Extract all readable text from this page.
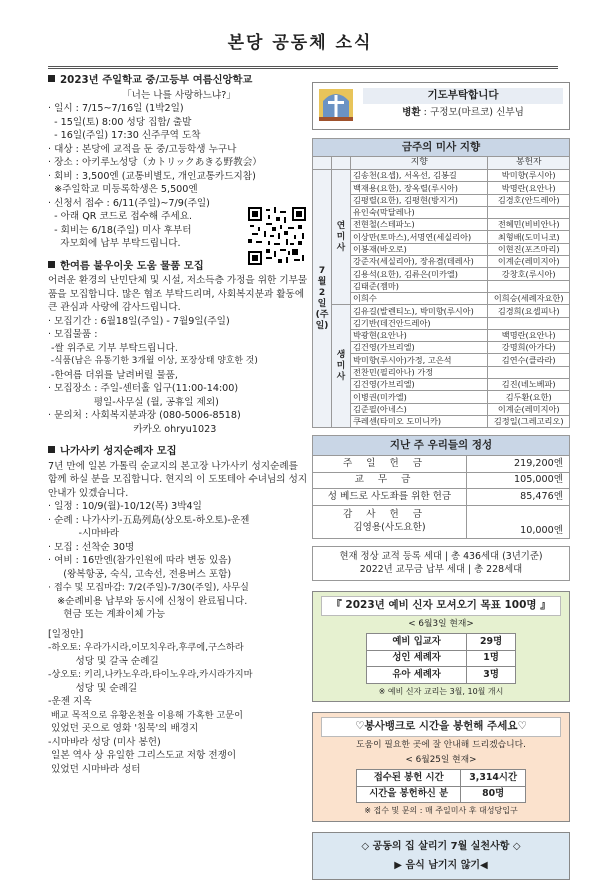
본당 공동체 소식
2023년 주일학교 중/고등부 여름신앙학교
「너는 나를 사랑하느냐?」
· 일시 : 7/15~7/16일 (1박2일)
- 15일(토) 8:00 성당 집합/ 출발
- 16일(주일) 17:30 신주쿠역 도착
· 대상 : 본당에 교적을 둔 중/고등학생 누구나
· 장소 : 아키루노성당（カトリックあきる野教会）
· 회비 : 3,500엔 (교통비별도, 개인교통카드지참)
※주일학교 미등록학생은 5,500엔
· 신청서 접수 : 6/11(주일)~7/9(주일)
- 아래 QR 코드로 접수해 주세요.
- 회비는 6/18(주일) 미사 후부터
자모회에 납부 부탁드립니다.
한여름 불우이웃 도움 물품 모집
어려운 환경의 난민단체 및 시설, 저소득층 가정을 위한 기부물품을 모집합니다. 많은 협조 부탁드리며, 사회복지분과 활동에 큰 관심과 사랑에 감사드립니다.
· 모집기간 : 6월18일(주일) - 7월9일(주일)
· 모집물품 :
-쌀 위주로 기부 부탁드립니다.
-식품(남은 유통기한 3개월 이상, 포장상태 양호한 것)
-한여름 더위를 날려버릴 물품,
· 모집장소 : 주일-센터홀 입구(11:00-14:00)
평일-사무실 (월, 공휴일 제외)
· 문의처 : 사회복지분과장 (080-5006-8518)
카카오 ohryu1023
나가사키 성지순례자 모집
7년 만에 일본 가톨릭 순교지의 본고장 나가사키 성지순례를 함께 하실 분을 모집합니다. 현지의 이 도또테아 수녀님의 성지 안내가 있겠습니다.
· 일정 : 10/9(월)-10/12(목) 3박4일
· 순례 : 나가사키-五島列島(상오토-하오토)-운젠
-시마바라
· 모집 : 선착순 30명
· 여비 : 16만엔(참가인원에 따라 변동 있음)
(왕복항공, 숙식, 고속선, 전용버스 포함)
· 접수 및 모집마감: 7/2(주일)-7/30(주일), 사무실
※순례비용 납부와 동시에 신청이 완료됩니다.
현금 또는 계좌이체 가능
[일정안]
-하오토: 우라가시라,이모치우라,후쿠에,구스하라
성당 및 갈곡 순례길
-상오토: 키리,나카노우라,타이노우라,카시라가지마
성당 및 순례길
-운젠 지옥
배교 목적으로 유황온천을 이용해 가혹한 고문이
있었던 곳으로 영화 '침묵'의 배경지
-시마바라 성당 (미사 봉헌)
일본 역사 상 유일한 그리스도교 저항 전쟁이
있었던 시마바라 성터
기도부탁합니다
병환 : 구정모(마르코) 신부님
금주의 미사 지향			
		지향	봉헌자
7월2일(주일)	연미사	김송천(요셉), 서옥선, 김봉길	박미향(루시아)
		백재용(요한), 장옥렬(루시아)	박명란(요안나)
		김평렬(요한), 김평현(방지거)	김경호(안드레아)
		유인숙(막달레나)	
		전현철(스테파노)	전혜민(비비안나)
		이상만(토마스),서명연(세실리아)	최형배(도미니코)
		이봉재(바오로)	이현진(포즈마리)
		강준자(세실리아), 장유겸(데레사)	이계순(레미지아)
		김용석(요한), 김류은(미카엘)	강창호(루시아)
		김태준(젬마)	
		이희수	이희승(세례자요한)
	생미사	김유길(발렌티노), 박미향(루시아)	김경희(요셉피나)
		김기반(데건안드레아)	
		박광현(요안나)	백명란(요안나)
		김건영(가브리엘)	강명희(아가다)
		박미향(루시아)가정, 고은석	김연수(클라라)
		전찬민(필리아나) 가정	
		김건영(가브리엘)	김진(녜노베파)
		이병권(미카엘)	김두환(요한)
		김준필(아네스)	이계순(레미지아)
		쿠레센(타미오 도미니카)	김정일(그레고리오)
지난 주 우리들의 정성	
주일헌금	219,200엔
교무금	105,000엔
성 베드로 사도좌를 위한 헌금	85,476엔

감사헌금
김영용(사도요한)	10,000엔
현재 정상 교적 등록 세대 | 총 436세대 (3년기준)
2022년 교무금 납부 세대 | 총 228세대
『 2023년 예비 신자 모셔오기 목표 100명 』
< 6월3일 현재>
예비 입교자	29명
성인 세례자	1명
유아 세례자	3명
※ 예비 신자 교리는 3월, 10월 개시
♡봉사뱅크로 시간을 봉헌해 주세요♡
도움이 필요한 곳에 잘 안내해 드리겠습니다.
< 6월25일 현재>
접수된 봉헌 시간	3,314시간
시간을 봉헌하신 분	80명
※ 접수 및 문의 : 매 주일미사 후 대성당입구
◇ 공동의 집 살리기 7월 실천사항 ◇
▶ 음식 남기지 않기◀
